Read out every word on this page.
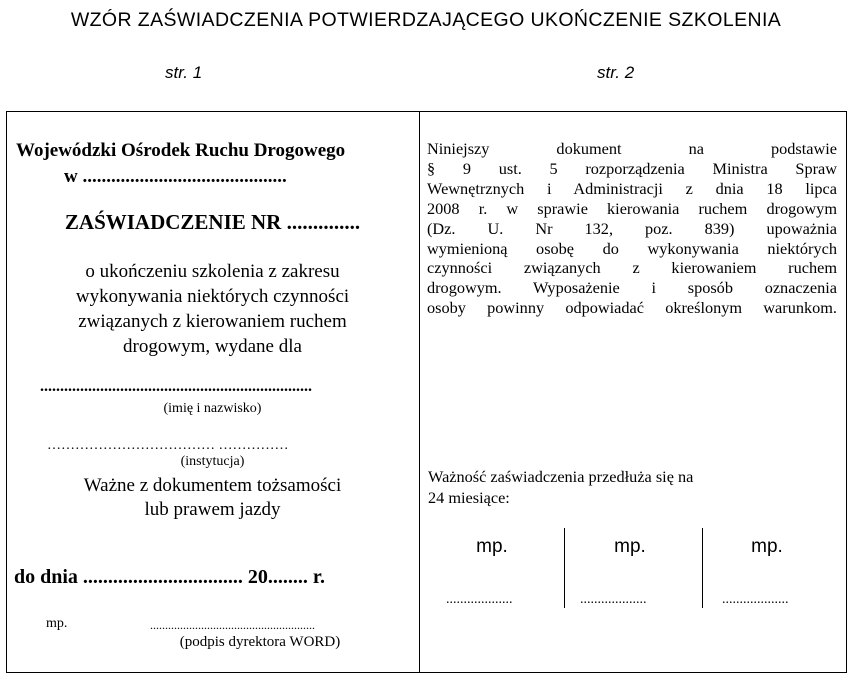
WZÓR ZAŚWIADCZENIA POTWIERDZAJĄCEGO UKOŃCZENIE SZKOLENIA
str. 1	str. 2
Wojewódzki Ośrodek Ruchu Drogowego
w ...........................................
ZAŚWIADCZENIE NR ..............
o ukończeniu szkolenia z zakresu
wykonywania niektórych czynności
związanych z kierowaniem ruchem
drogowym, wydane dla
....................................................................
(imię i nazwisko)
……………………………… ……………
(instytucja)
Ważne z dokumentem tożsamości
lub prawem jazdy
do dnia ................................ 20........ r.
mp.	.......................................................
(podpis dyrektora WORD)
Niniejszy dokument na podstawie
§ 9 ust. 5 rozporządzenia Ministra Spraw
Wewnętrznych i Administracji z dnia 18 lipca
2008 r. w sprawie kierowania ruchem drogowym
(Dz. U. Nr 132, poz. 839) upoważnia
wymienioną osobę do wykonywania niektórych
czynności związanych z kierowaniem ruchem
drogowym. Wyposażenie i sposób oznaczenia
osoby powinny odpowiadać określonym warunkom.
Ważność zaświadczenia przedłuża się na
24 miesiące:
mp.
...................
mp.
...................
mp.
...................
